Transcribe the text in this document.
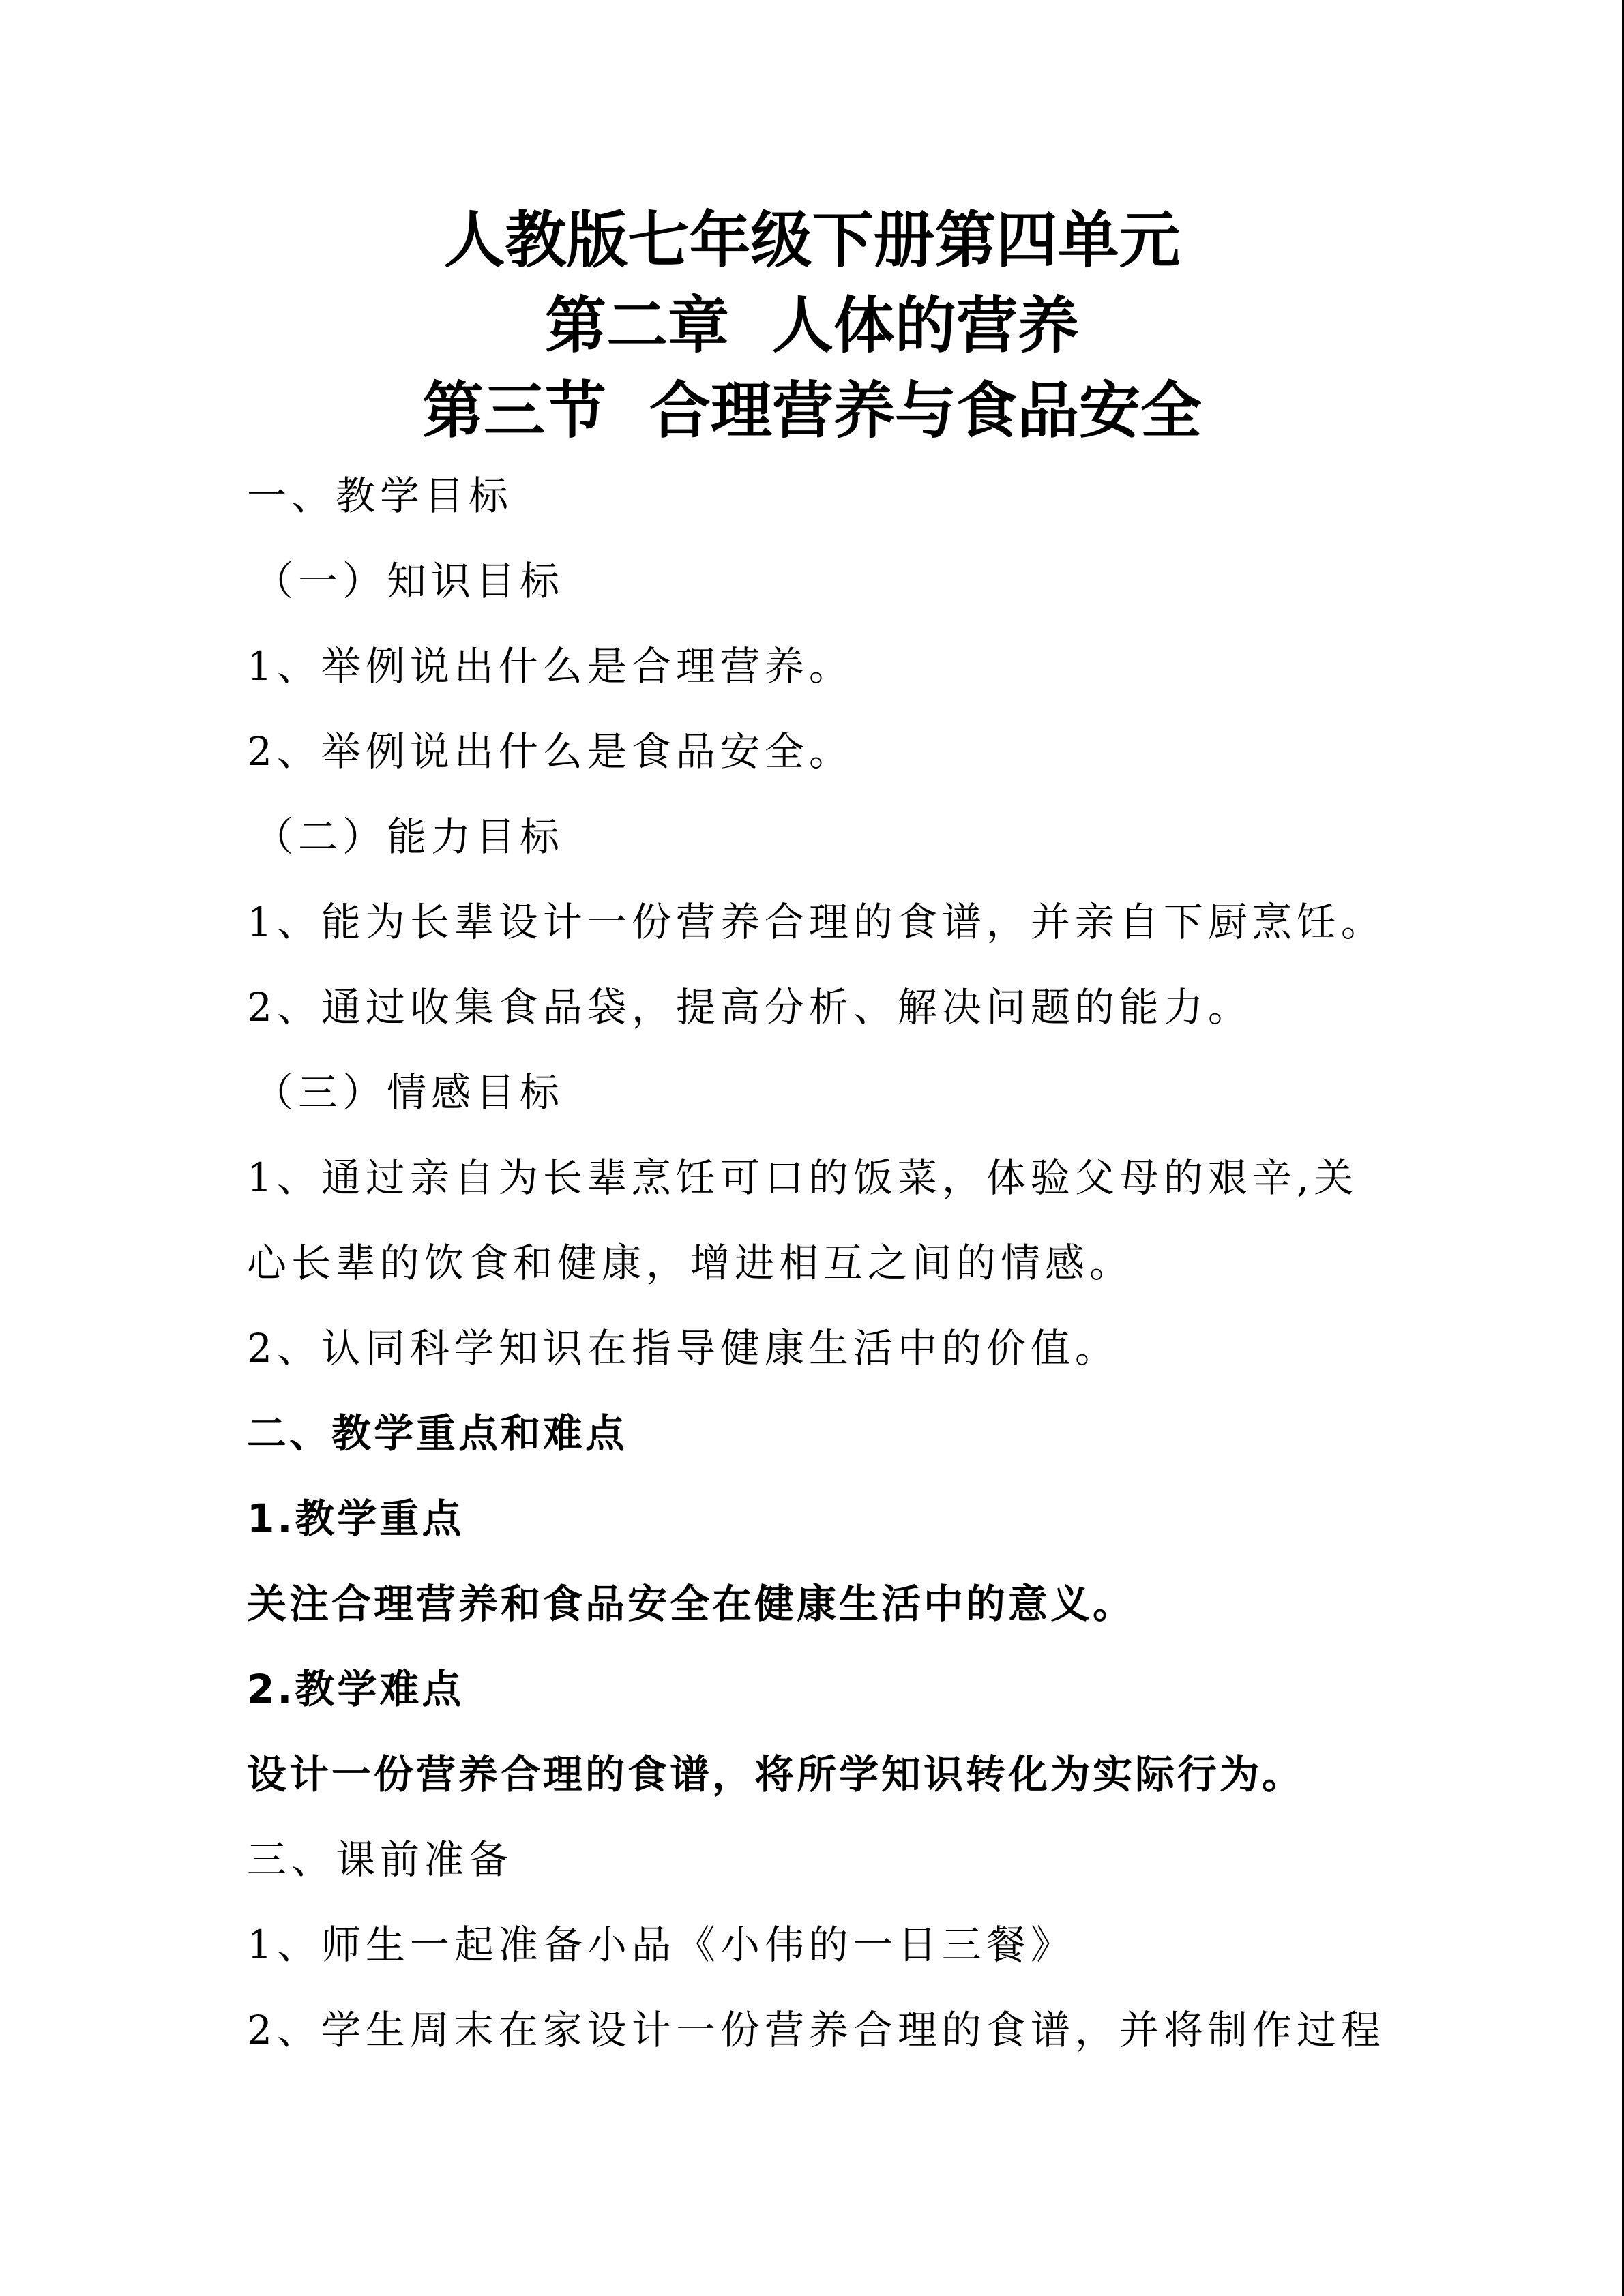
人教版七年级下册第四单元
第二章  人体的营养
第三节  合理营养与食品安全
一、教学目标
（一）知识目标
1、举例说出什么是合理营养。
2、举例说出什么是食品安全。
（二）能力目标
1、能为长辈设计一份营养合理的食谱，并亲自下厨烹饪。
2、通过收集食品袋，提高分析、解决问题的能力。
（三）情感目标
1、通过亲自为长辈烹饪可口的饭菜，体验父母的艰辛,关
心长辈的饮食和健康，增进相互之间的情感。
2、认同科学知识在指导健康生活中的价值。
二、教学重点和难点
1.教学重点
关注合理营养和食品安全在健康生活中的意义。
2.教学难点
设计一份营养合理的食谱，将所学知识转化为实际行为。
三、课前准备
1、师生一起准备小品《小伟的一日三餐》
2、学生周末在家设计一份营养合理的食谱，并将制作过程
